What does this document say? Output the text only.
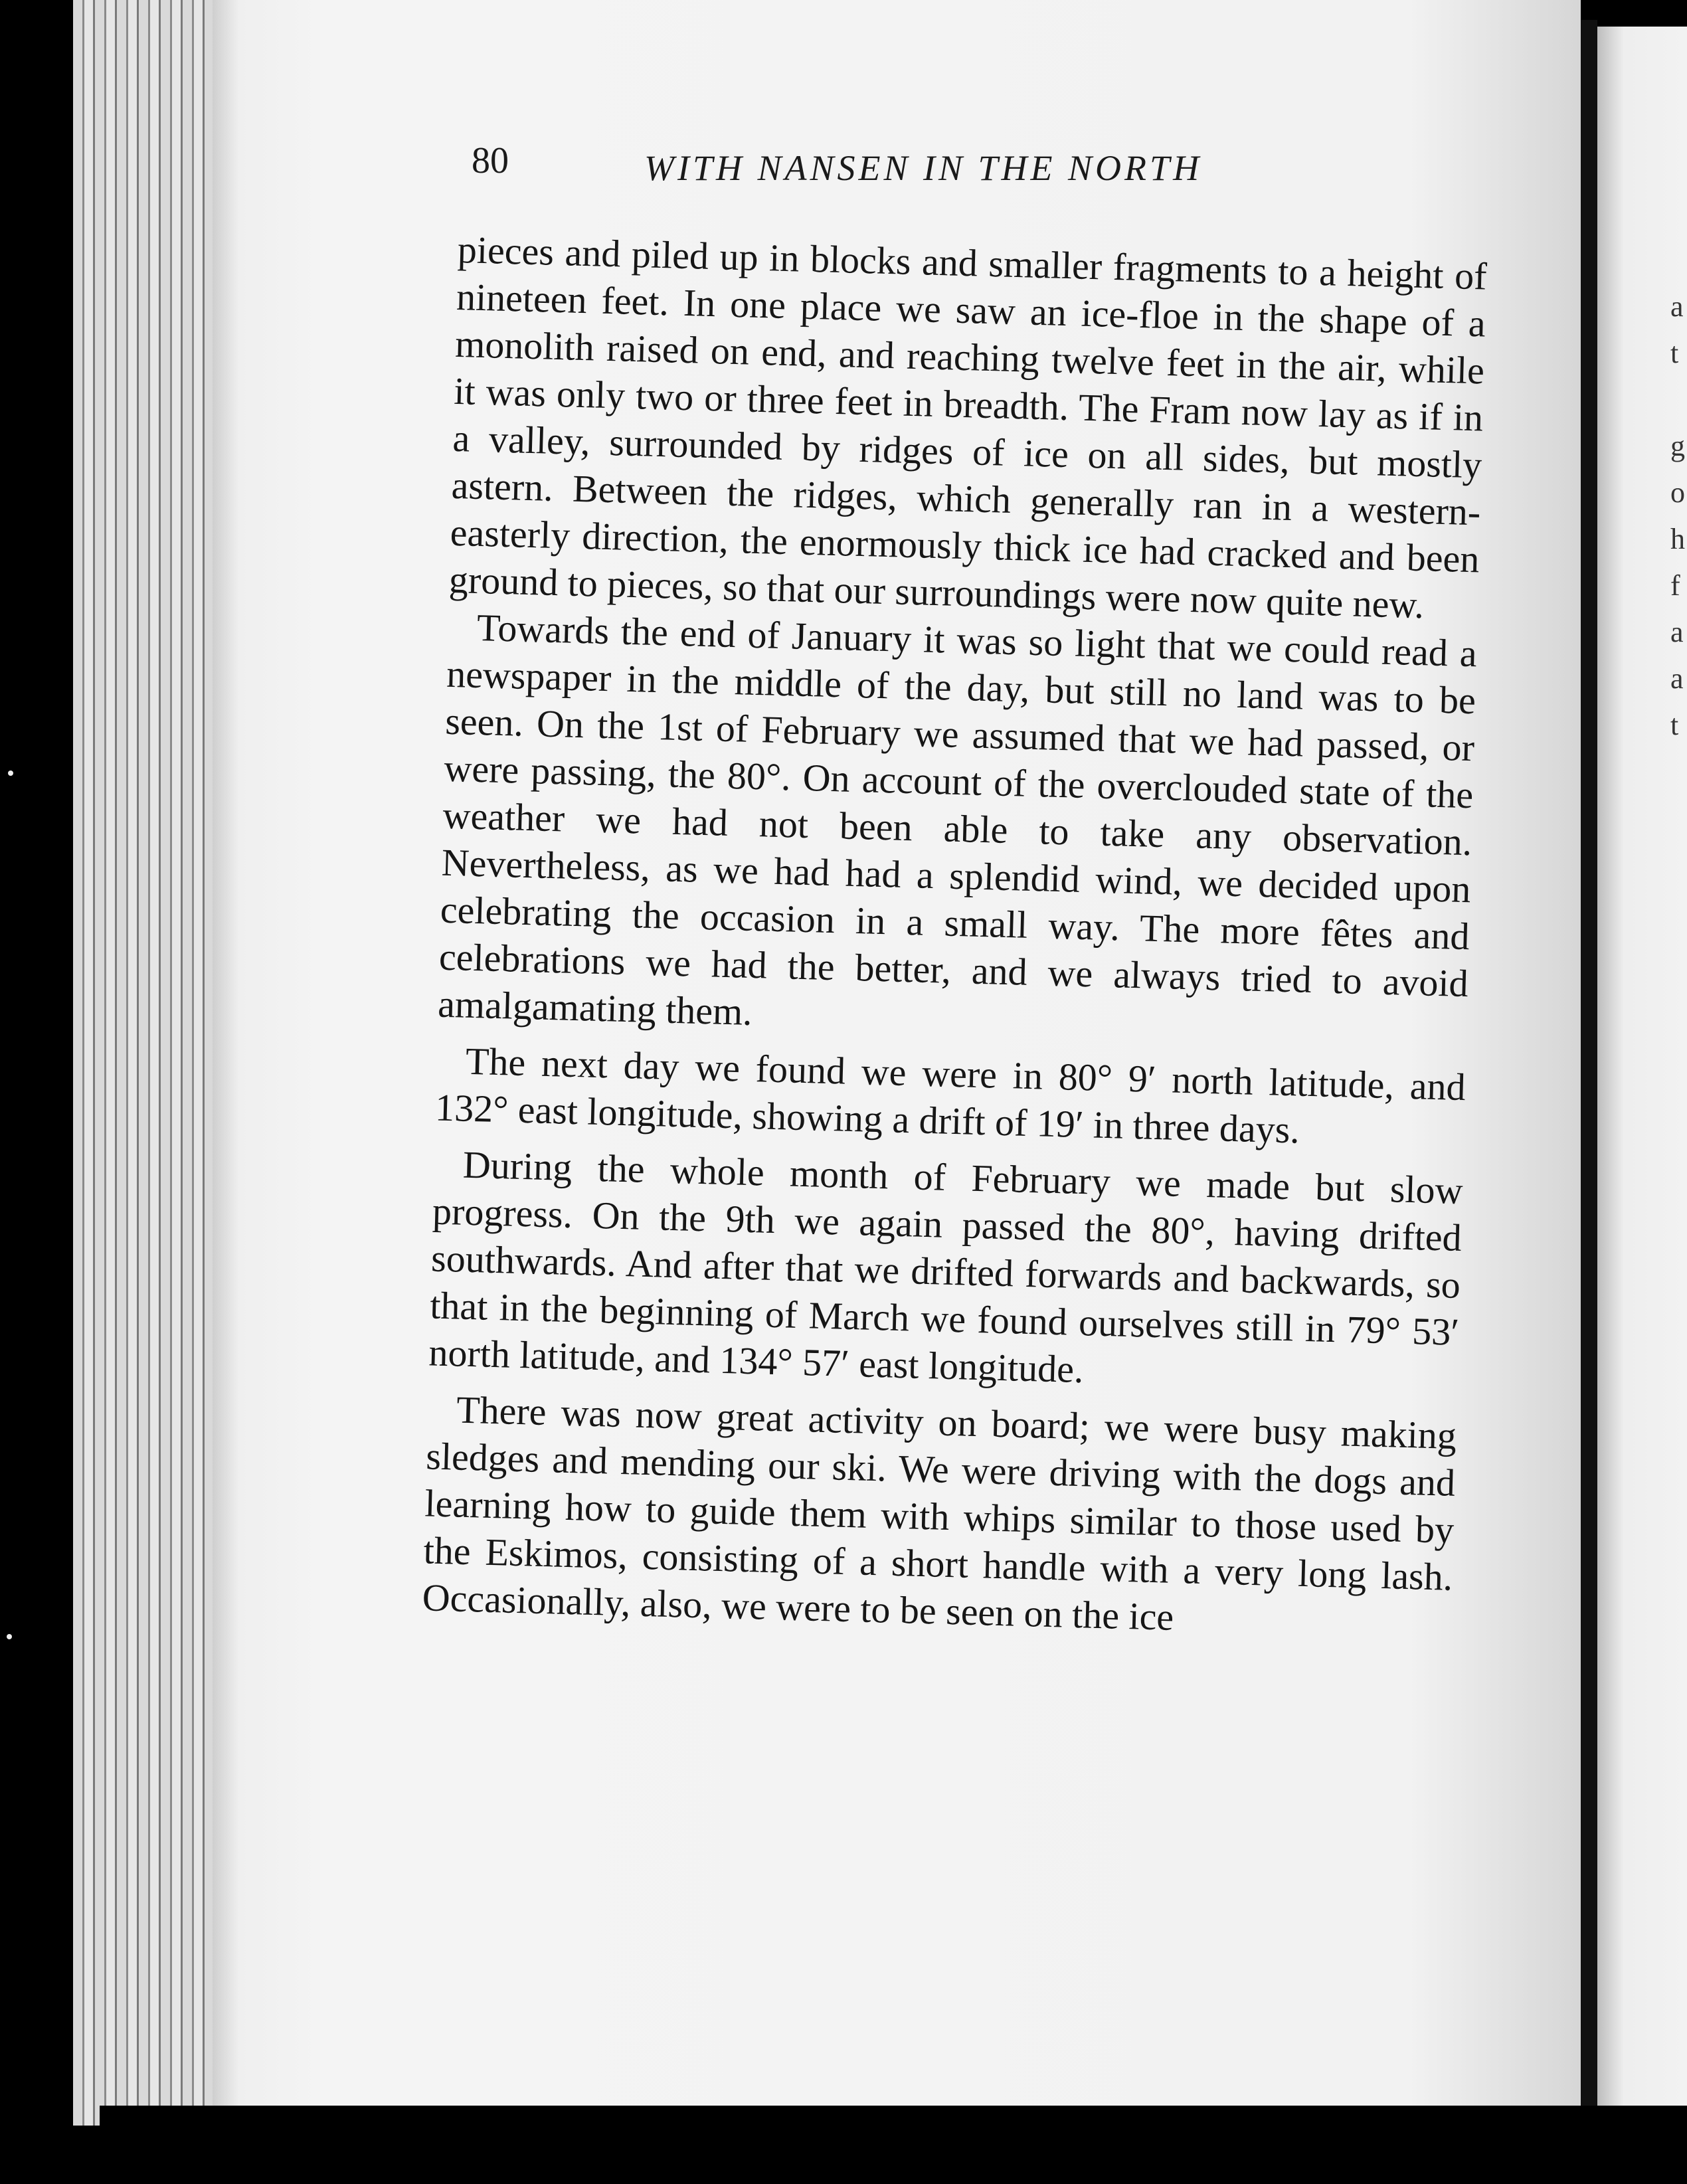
a
t
g
o
h
f
a
a
t
80	WITH NANSEN IN THE NORTH

pieces and piled up in blocks and smaller fragments to a height of nineteen feet. In one place we saw an ice-floe in the shape of a monolith raised on end, and reaching twelve feet in the air, while it was only two or three feet in breadth. The Fram now lay as if in a valley, surrounded by ridges of ice on all sides, but mostly astern. Between the ridges, which generally ran in a western-easterly direction, the enormously thick ice had cracked and been ground to pieces, so that our surroundings were now quite new.

Towards the end of January it was so light that we could read a newspaper in the middle of the day, but still no land was to be seen. On the 1st of February we assumed that we had passed, or were passing, the 80°. On account of the overclouded state of the weather we had not been able to take any observation. Nevertheless, as we had had a splendid wind, we decided upon celebrating the occasion in a small way. The more fêtes and celebrations we had the better, and we always tried to avoid amalgamating them.

The next day we found we were in 80° 9′ north latitude, and 132° east longitude, showing a drift of 19′ in three days.

During the whole month of February we made but slow progress. On the 9th we again passed the 80°, having drifted southwards. And after that we drifted forwards and backwards, so that in the beginning of March we found ourselves still in 79° 53′ north latitude, and 134° 57′ east longitude.

There was now great activity on board; we were busy making sledges and mending our ski. We were driving with the dogs and learning how to guide them with whips similar to those used by the Eskimos, consisting of a short handle with a very long lash. Occasionally, also, we were to be seen on the ice
